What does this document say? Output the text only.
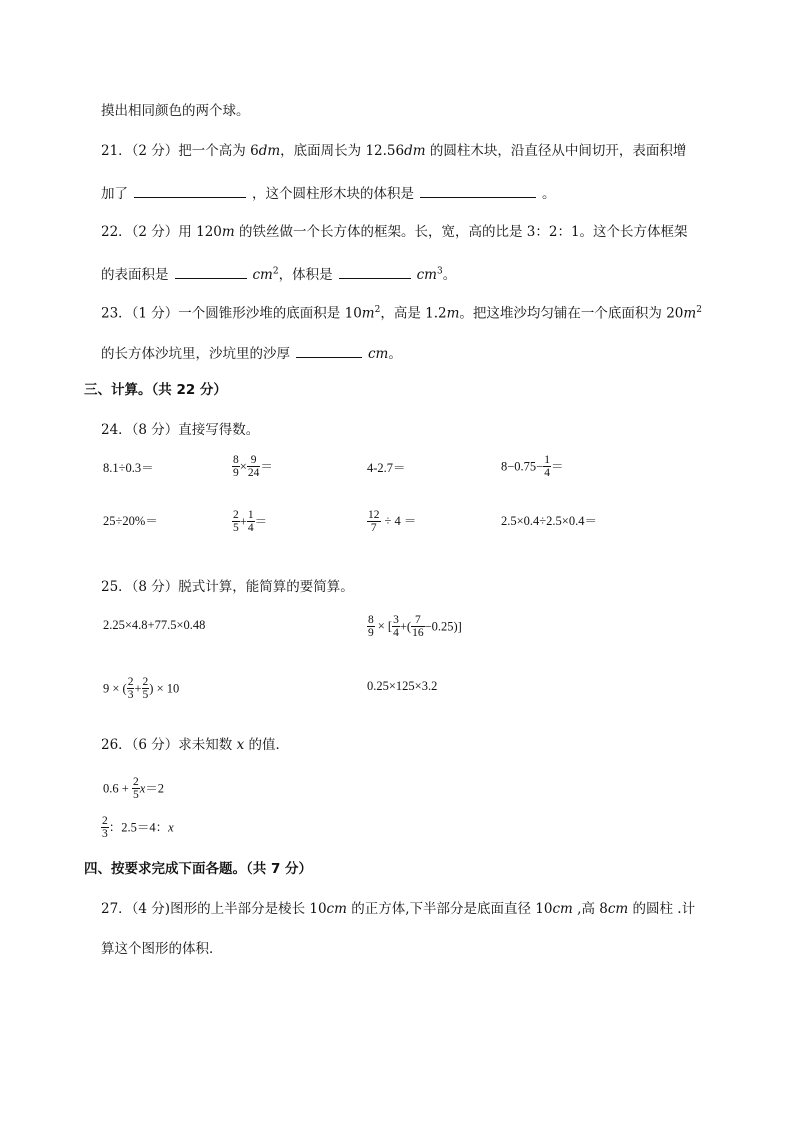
摸出相同颜色的两个球。
21．（2 分）把一个高为 6dm，底面周长为 12.56dm 的圆柱木块，沿直径从中间切开，表面积增
加了	，这个圆柱形木块的体积是	。
22．（2 分）用 120m 的铁丝做一个长方体的框架。长，宽，高的比是 3：2：1。这个长方体框架
的表面积是	$cm^2$，体积是	$cm^3$。
23．（1 分）一个圆锥形沙堆的底面积是 $10m^2$，高是 1.2m。把这堆沙均匀铺在一个底面积为 $20m^2$
的长方体沙坑里，沙坑里的沙厚	cm。
三、计算。（共 22 分）
24．（8 分）直接写得数。
8.1÷0.3＝	$\frac{8}{9} \times \frac{9}{24}$ ＝	4-2.7＝	$8-0.75- \frac{1}{4}$ ＝
25÷20%＝	$\frac{2}{5} + \frac{1}{4}$ ＝	$\frac{12}{7} \div 4$ ＝	2.5×0.4÷2.5×0.4＝
25．（8 分）脱式计算，能简算的要简算。
2.25×4.8+77.5×0.48	$\frac{8}{9}$ × [ $\frac{3}{4}$ +( $\frac{7}{16} -0.25$)]
9 × ( $\frac{2}{3} + \frac{2}{5}$ ) × 10	0.25×125×3.2
26．（6 分）求未知数 x 的值．
$0.6 + \frac{2}{5} x=2$
$\frac{2}{3}$ ：2.5＝4：x
四、按要求完成下面各题。（共 7 分）
27．（4 分)图形的上半部分是棱长 10cm 的正方体,下半部分是底面直径 10cm ,高 8cm 的圆柱 .计
算这个图形的体积．
